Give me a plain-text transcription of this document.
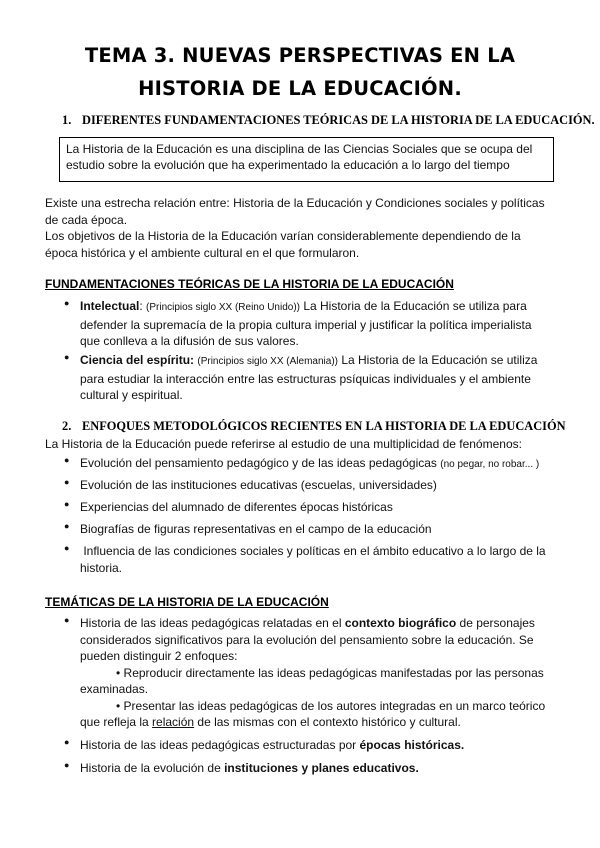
TEMA 3. NUEVAS PERSPECTIVAS EN LA
HISTORIA DE LA EDUCACIÓN.
1. DIFERENTES FUNDAMENTACIONES TEÓRICAS DE LA HISTORIA DE LA EDUCACIÓN.
La Historia de la Educación es una disciplina de las Ciencias Sociales que se ocupa del
estudio sobre la evolución que ha experimentado la educación a lo largo del tiempo
Existe una estrecha relación entre: Historia de la Educación y Condiciones sociales y políticas
de cada época.
Los objetivos de la Historia de la Educación varían considerablemente dependiendo de la
época histórica y el ambiente cultural en el que formularon.
FUNDAMENTACIONES TEÓRICAS DE LA HISTORIA DE LA EDUCACIÓN
● Intelectual: (Principios siglo XX (Reino Unido)) La Historia de la Educación se utiliza para
defender la supremacía de la propia cultura imperial y justificar la política imperialista
que conlleva a la difusión de sus valores.
● Ciencia del espíritu: (Principios siglo XX (Alemania)) La Historia de la Educación se utiliza
para estudiar la interacción entre las estructuras psíquicas individuales y el ambiente
cultural y espiritual.
2. ENFOQUES METODOLÓGICOS RECIENTES EN LA HISTORIA DE LA EDUCACIÓN
La Historia de la Educación puede referirse al estudio de una multiplicidad de fenómenos:
● Evolución del pensamiento pedagógico y de las ideas pedagógicas (no pegar, no robar... )
● Evolución de las instituciones educativas (escuelas, universidades)
● Experiencias del alumnado de diferentes épocas históricas
● Biografías de figuras representativas en el campo de la educación
● Influencia de las condiciones sociales y políticas en el ámbito educativo a lo largo de la
historia.
TEMÁTICAS DE LA HISTORIA DE LA EDUCACIÓN
● Historia de las ideas pedagógicas relatadas en el contexto biográfico de personajes
considerados significativos para la evolución del pensamiento sobre la educación. Se
pueden distinguir 2 enfoques:
• Reproducir directamente las ideas pedagógicas manifestadas por las personas
examinadas.
• Presentar las ideas pedagógicas de los autores integradas en un marco teórico
que refleja la relación de las mismas con el contexto histórico y cultural.
● Historia de las ideas pedagógicas estructuradas por épocas históricas.
● Historia de la evolución de instituciones y planes educativos.
